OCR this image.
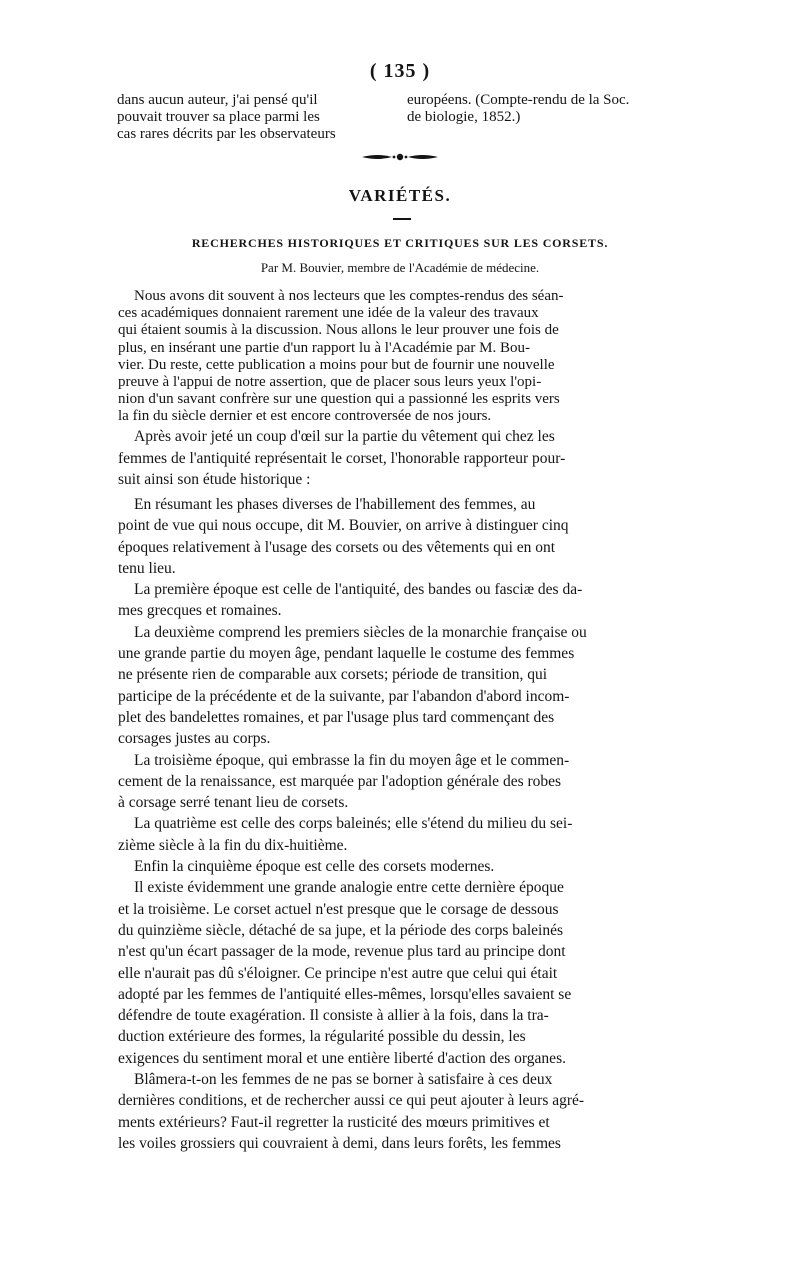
( 135 )
dans aucun auteur, j'ai pensé qu'il
pouvait trouver sa place parmi les
cas rares décrits par les observateurs
européens. (Compte-rendu de la Soc.
de biologie, 1852.)
VARIÉTÉS.
RECHERCHES HISTORIQUES ET CRITIQUES SUR LES CORSETS.
Par M. Bouvier, membre de l'Académie de médecine.
Nous avons dit souvent à nos lecteurs que les comptes-rendus des séan-
ces académiques donnaient rarement une idée de la valeur des travaux
qui étaient soumis à la discussion. Nous allons le leur prouver une fois de
plus, en insérant une partie d'un rapport lu à l'Académie par M. Bou-
vier. Du reste, cette publication a moins pour but de fournir une nouvelle
preuve à l'appui de notre assertion, que de placer sous leurs yeux l'opi-
nion d'un savant confrère sur une question qui a passionné les esprits vers
la fin du siècle dernier et est encore controversée de nos jours.
Après avoir jeté un coup d'œil sur la partie du vêtement qui chez les
femmes de l'antiquité représentait le corset, l'honorable rapporteur pour-
suit ainsi son étude historique :
En résumant les phases diverses de l'habillement des femmes, au
point de vue qui nous occupe, dit M. Bouvier, on arrive à distinguer cinq
époques relativement à l'usage des corsets ou des vêtements qui en ont
tenu lieu.
La première époque est celle de l'antiquité, des bandes ou fasciæ des da-
mes grecques et romaines.
La deuxième comprend les premiers siècles de la monarchie française ou
une grande partie du moyen âge, pendant laquelle le costume des femmes
ne présente rien de comparable aux corsets; période de transition, qui
participe de la précédente et de la suivante, par l'abandon d'abord incom-
plet des bandelettes romaines, et par l'usage plus tard commençant des
corsages justes au corps.
La troisième époque, qui embrasse la fin du moyen âge et le commen-
cement de la renaissance, est marquée par l'adoption générale des robes
à corsage serré tenant lieu de corsets.
La quatrième est celle des corps baleinés; elle s'étend du milieu du sei-
zième siècle à la fin du dix-huitième.
Enfin la cinquième époque est celle des corsets modernes.
Il existe évidemment une grande analogie entre cette dernière époque
et la troisième. Le corset actuel n'est presque que le corsage de dessous
du quinzième siècle, détaché de sa jupe, et la période des corps baleinés
n'est qu'un écart passager de la mode, revenue plus tard au principe dont
elle n'aurait pas dû s'éloigner. Ce principe n'est autre que celui qui était
adopté par les femmes de l'antiquité elles-mêmes, lorsqu'elles savaient se
défendre de toute exagération. Il consiste à allier à la fois, dans la tra-
duction extérieure des formes, la régularité possible du dessin, les
exigences du sentiment moral et une entière liberté d'action des organes.
Blâmera-t-on les femmes de ne pas se borner à satisfaire à ces deux
dernières conditions, et de rechercher aussi ce qui peut ajouter à leurs agré-
ments extérieurs? Faut-il regretter la rusticité des mœurs primitives et
les voiles grossiers qui couvraient à demi, dans leurs forêts, les femmes
